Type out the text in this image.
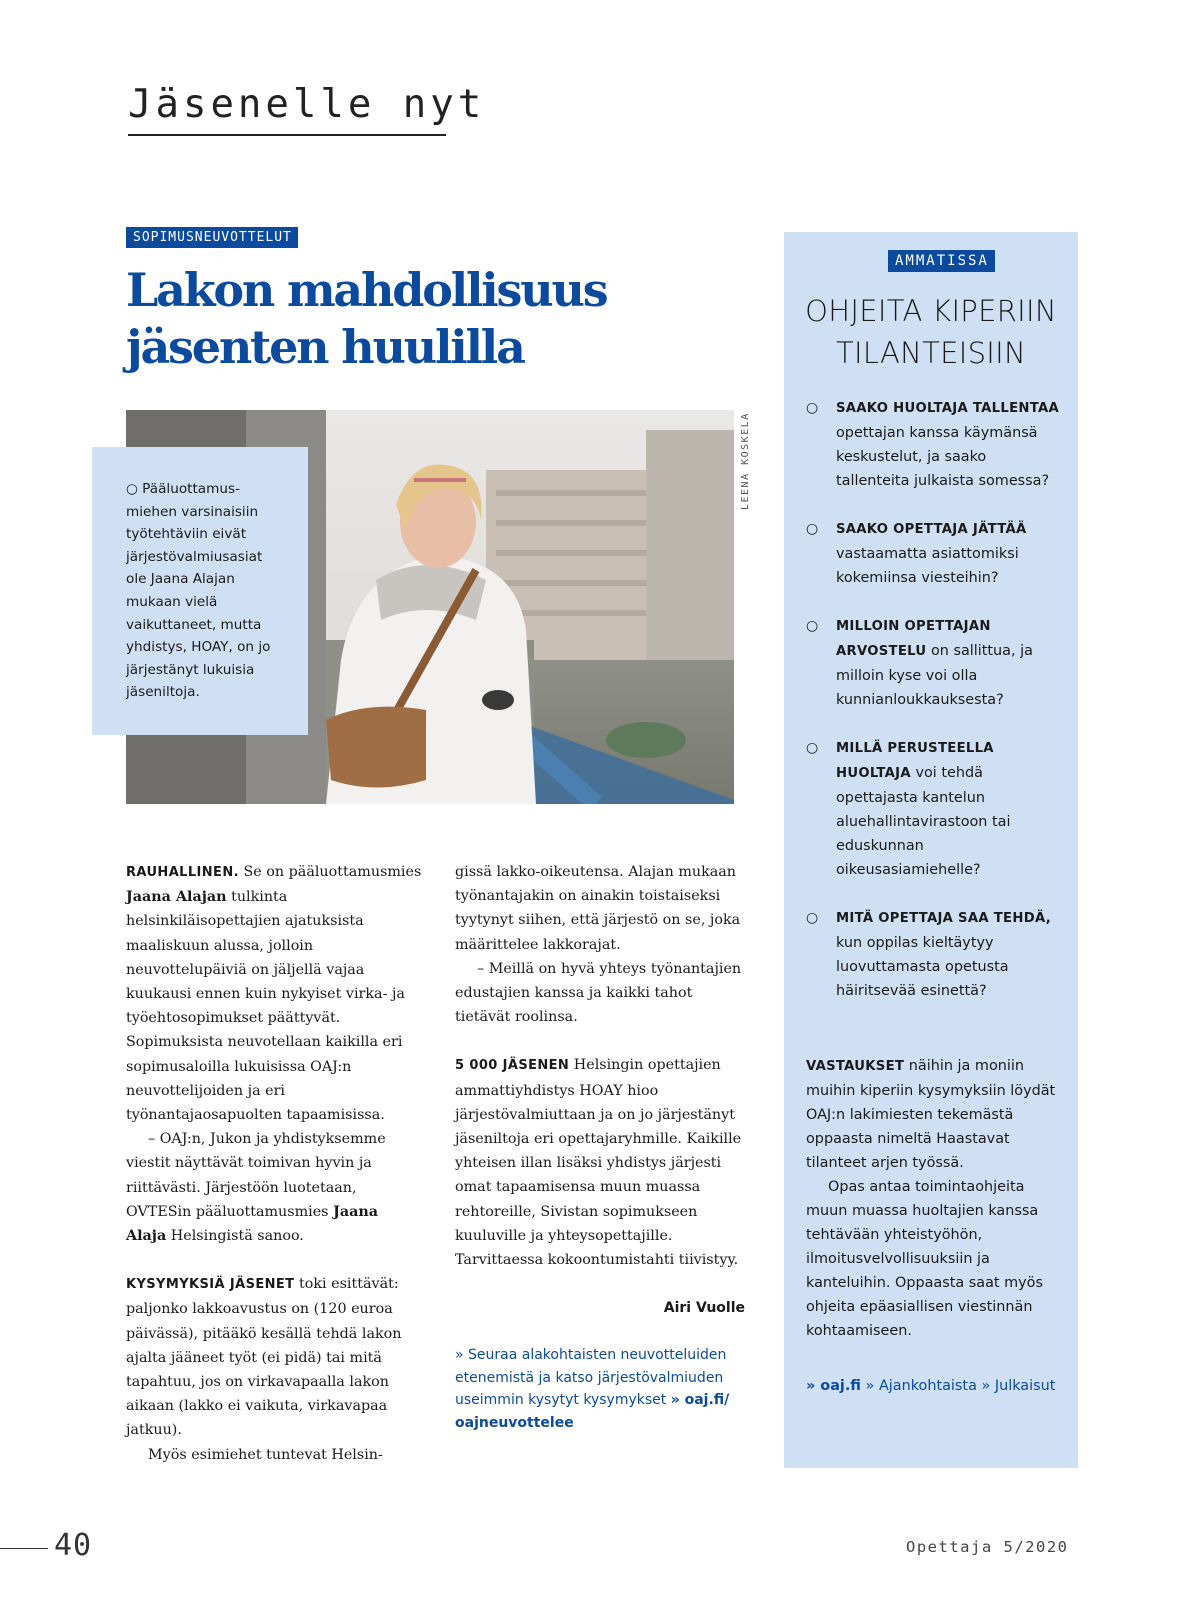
Jäsenelle nyt
SOPIMUSNEUVOTTELUT
Lakon mahdollisuus
jäsenten huulilla
LEENA KOSKELA
○ Pääluottamusmiehen varsinaisiin työtehtäviin eivät järjestövalmiusasiat ole Jaana Alajan mukaan vielä vaikuttaneet, mutta yhdistys, HOAY, on jo järjestänyt lukuisia jäseniltoja.

RAUHALLINEN. Se on pääluottamusmies Jaana Alajan tulkinta helsinkiläisopettajien ajatuksista maaliskuun alussa, jolloin neuvottelupäiviä on jäljellä vajaa kuukausi ennen kuin nykyiset virka- ja työehtosopimukset päättyvät. Sopimuksista neuvotellaan kaikilla eri sopimusaloilla lukuisissa OAJ:n neuvottelijoiden ja eri työnantajaosapuolten tapaamisissa.

– OAJ:n, Jukon ja yhdistyksemme viestit näyttävät toimivan hyvin ja riittävästi. Järjestöön luotetaan, OVTESin pääluottamusmies Jaana Alaja Helsingistä sanoo.

KYSYMYKSIÄ JÄSENET toki esittävät: paljonko lakkoavustus on (120 euroa päivässä), pitääkö kesällä tehdä lakon ajalta jääneet työt (ei pidä) tai mitä tapahtuu, jos on virkavapaalla lakon aikaan (lakko ei vaikuta, virkavapaa jatkuu).

Myös esimiehet tuntevat Helsin-

gissä lakko-oikeutensa. Alajan mukaan työnantajakin on ainakin toistaiseksi tyytynyt siihen, että järjestö on se, joka määrittelee lakkorajat.

– Meillä on hyvä yhteys työnantajien edustajien kanssa ja kaikki tahot tietävät roolinsa.

5 000 JÄSENEN Helsingin opettajien ammattiyhdistys HOAY hioo järjestövalmiuttaan ja on jo järjestänyt jäseniltoja eri opettajaryhmille. Kaikille yhteisen illan lisäksi yhdistys järjesti omat tapaamisensa muun muassa rehtoreille, Sivistan sopimukseen kuuluville ja yhteysopettajille. Tarvittaessa kokoontumistahti tiivistyy.

Airi Vuolle

» Seuraa alakohtaisten neuvotteluiden etenemistä ja katso järjestövalmiuden useimmin kysytyt kysymykset » oaj.fi/ oajneuvottelee

AMMATISSA
OHJEITA KIPERIIN
TILANTEISIIN
○ SAAKO HUOLTAJA TALLENTAA opettajan kanssa käymänsä keskustelut, ja saako tallenteita julkaista somessa?
○ SAAKO OPETTAJA JÄTTÄÄ vastaamatta asiattomiksi kokemiinsa viesteihin?
○ MILLOIN OPETTAJAN ARVOSTELU on sallittua, ja milloin kyse voi olla kunnianloukkauksesta?
○ MILLÄ PERUSTEELLA HUOLTAJA voi tehdä opettajasta kantelun aluehallintavirastoon tai eduskunnan oikeusasiamiehelle?
○ MITÄ OPETTAJA SAA TEHDÄ, kun oppilas kieltäytyy luovuttamasta opetusta häiritsevää esinettä?

VASTAUKSET näihin ja moniin muihin kiperiin kysymyksiin löydät OAJ:n lakimiesten tekemästä oppaasta nimeltä Haastavat tilanteet arjen työssä.

Opas antaa toimintaohjeita muun muassa huoltajien kanssa tehtävään yhteistyöhön, ilmoitusvelvollisuuksiin ja kanteluihin. Oppaasta saat myös ohjeita epäasiallisen viestinnän kohtaamiseen.

» oaj.fi » Ajankohtaista » Julkaisut
40	Opettaja 5/2020
